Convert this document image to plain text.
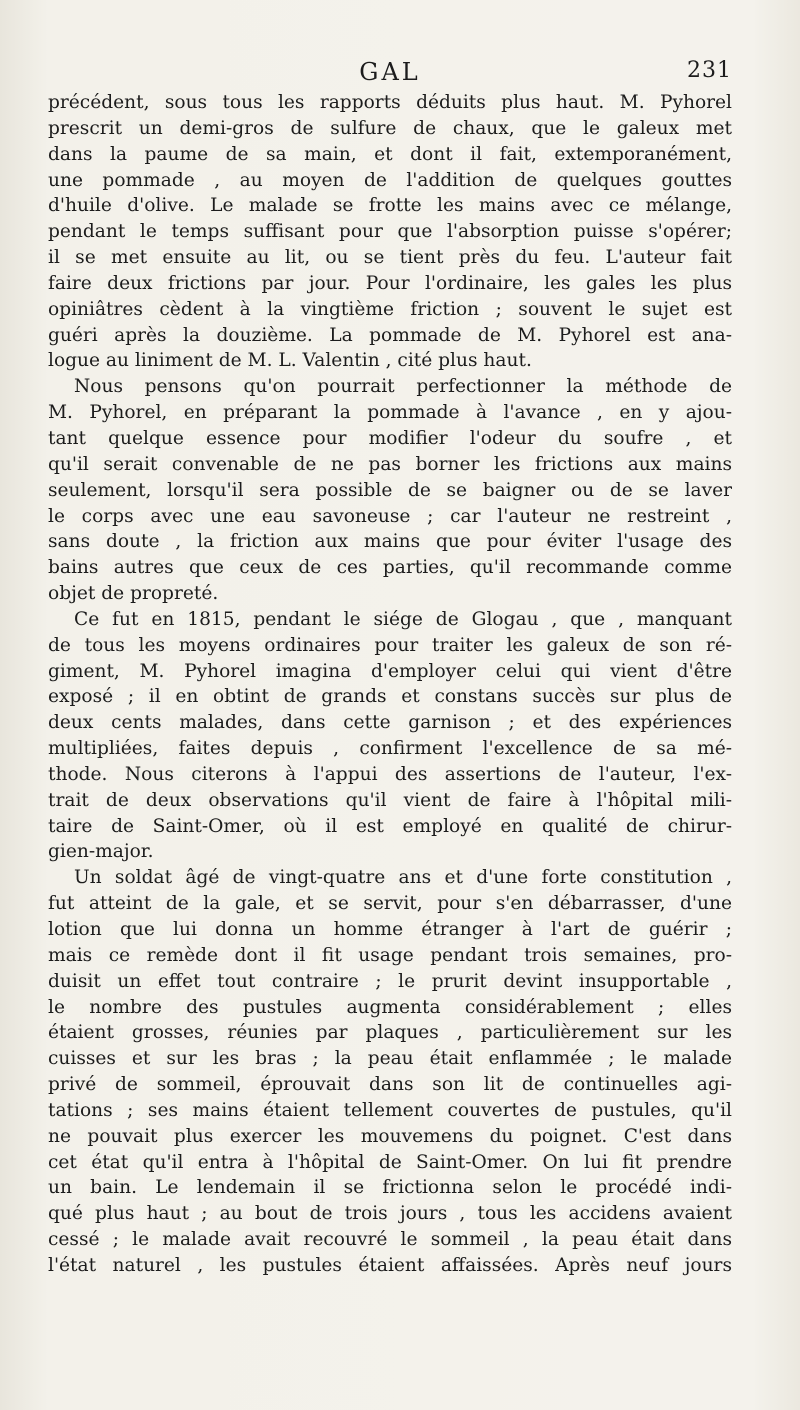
GAL	231
précédent, sous tous les rapports déduits plus haut. M. Pyhorel
prescrit un demi-gros de sulfure de chaux, que le galeux met
dans la paume de sa main, et dont il fait, extemporanément,
une pommade , au moyen de l'addition de quelques gouttes
d'huile d'olive. Le malade se frotte les mains avec ce mélange,
pendant le temps suffisant pour que l'absorption puisse s'opérer;
il se met ensuite au lit, ou se tient près du feu. L'auteur fait
faire deux frictions par jour. Pour l'ordinaire, les gales les plus
opiniâtres cèdent à la vingtième friction ; souvent le sujet est
guéri après la douzième. La pommade de M. Pyhorel est ana-
logue au liniment de M. L. Valentin , cité plus haut.
Nous pensons qu'on pourrait perfectionner la méthode de
M. Pyhorel, en préparant la pommade à l'avance , en y ajou-
tant quelque essence pour modifier l'odeur du soufre , et
qu'il serait convenable de ne pas borner les frictions aux mains
seulement, lorsqu'il sera possible de se baigner ou de se laver
le corps avec une eau savoneuse ; car l'auteur ne restreint ,
sans doute , la friction aux mains que pour éviter l'usage des
bains autres que ceux de ces parties, qu'il recommande comme
objet de propreté.
Ce fut en 1815, pendant le siége de Glogau , que , manquant
de tous les moyens ordinaires pour traiter les galeux de son ré-
giment, M. Pyhorel imagina d'employer celui qui vient d'être
exposé ; il en obtint de grands et constans succès sur plus de
deux cents malades, dans cette garnison ; et des expériences
multipliées, faites depuis , confirment l'excellence de sa mé-
thode. Nous citerons à l'appui des assertions de l'auteur, l'ex-
trait de deux observations qu'il vient de faire à l'hôpital mili-
taire de Saint-Omer, où il est employé en qualité de chirur-
gien-major.
Un soldat âgé de vingt-quatre ans et d'une forte constitution ,
fut atteint de la gale, et se servit, pour s'en débarrasser, d'une
lotion que lui donna un homme étranger à l'art de guérir ;
mais ce remède dont il fit usage pendant trois semaines, pro-
duisit un effet tout contraire ; le prurit devint insupportable ,
le nombre des pustules augmenta considérablement ; elles
étaient grosses, réunies par plaques , particulièrement sur les
cuisses et sur les bras ; la peau était enflammée ; le malade
privé de sommeil, éprouvait dans son lit de continuelles agi-
tations ; ses mains étaient tellement couvertes de pustules, qu'il
ne pouvait plus exercer les mouvemens du poignet. C'est dans
cet état qu'il entra à l'hôpital de Saint-Omer. On lui fit prendre
un bain. Le lendemain il se frictionna selon le procédé indi-
qué plus haut ; au bout de trois jours , tous les accidens avaient
cessé ; le malade avait recouvré le sommeil , la peau était dans
l'état naturel , les pustules étaient affaissées. Après neuf jours
